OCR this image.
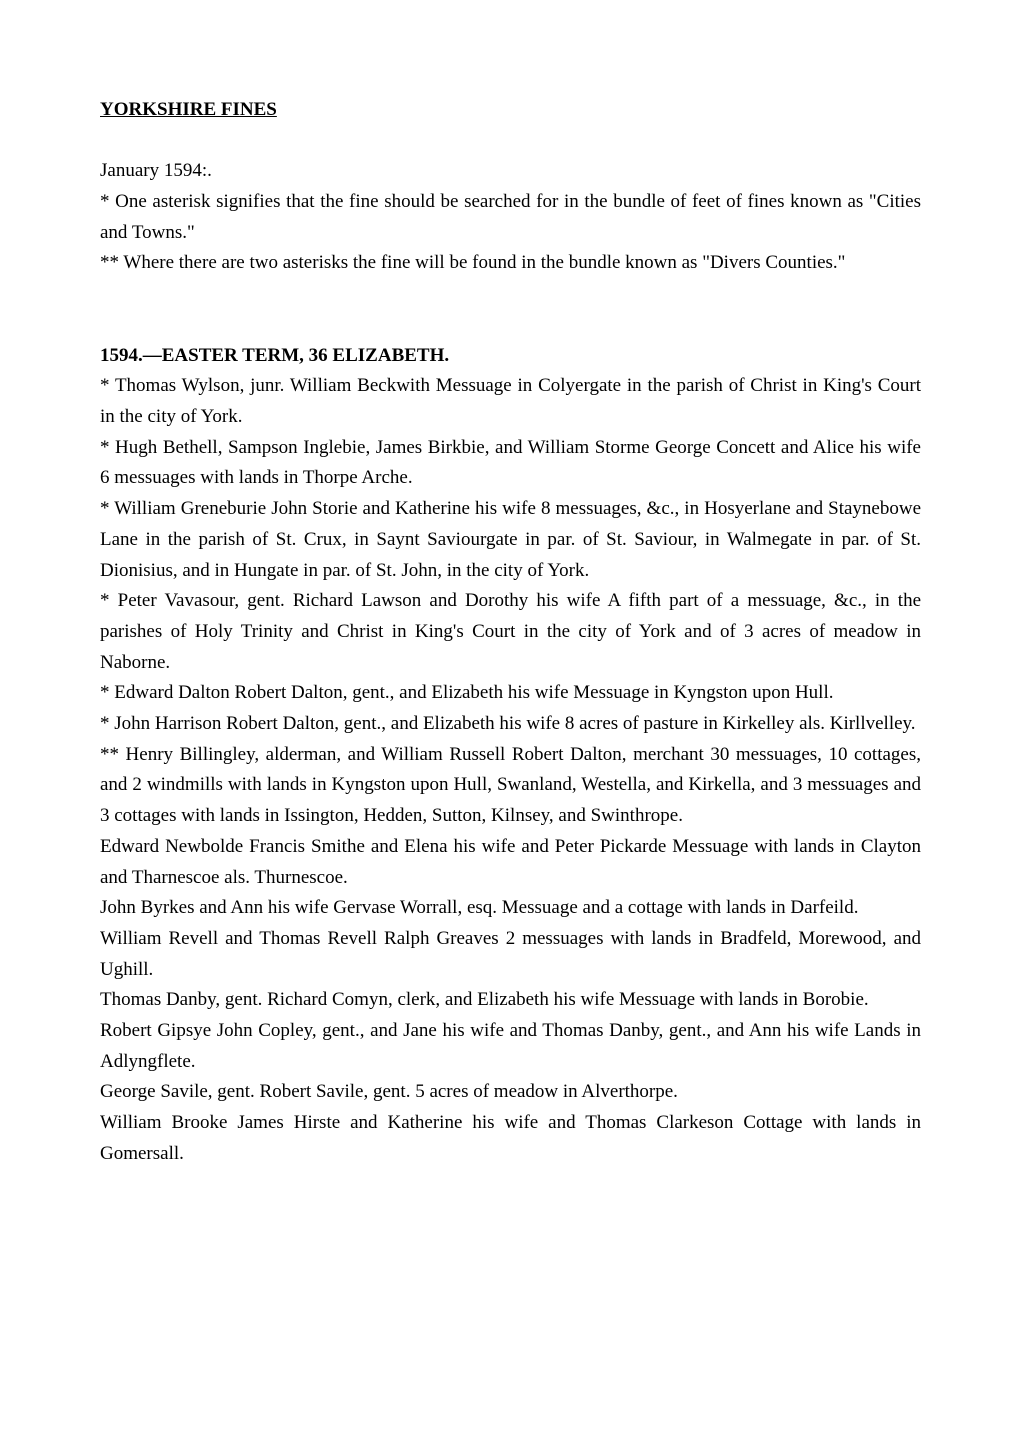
YORKSHIRE FINES

January 1594:.

* One asterisk signifies that the fine should be searched for in the bundle of feet of fines known as "Cities and Towns."

** Where there are two asterisks the fine will be found in the bundle known as "Divers Counties."

1594.—EASTER TERM, 36 ELIZABETH.

* Thomas Wylson, junr. William Beckwith Messuage in Colyergate in the parish of Christ in King's Court in the city of York.

* Hugh Bethell, Sampson Inglebie, James Birkbie, and William Storme George Concett and Alice his wife 6 messuages with lands in Thorpe Arche.

* William Greneburie John Storie and Katherine his wife 8 messuages, &c., in Hosyerlane and Staynebowe Lane in the parish of St. Crux, in Saynt Saviourgate in par. of St. Saviour, in Walmegate in par. of St. Dionisius, and in Hungate in par. of St. John, in the city of York.

* Peter Vavasour, gent. Richard Lawson and Dorothy his wife A fifth part of a messuage, &c., in the parishes of Holy Trinity and Christ in King's Court in the city of York and of 3 acres of meadow in Naborne.

* Edward Dalton Robert Dalton, gent., and Elizabeth his wife Messuage in Kyngston upon Hull.

* John Harrison Robert Dalton, gent., and Elizabeth his wife 8 acres of pasture in Kirkelley als. Kirllvelley.

** Henry Billingley, alderman, and William Russell Robert Dalton, merchant 30 messuages, 10 cottages, and 2 windmills with lands in Kyngston upon Hull, Swanland, Westella, and Kirkella, and 3 messuages and 3 cottages with lands in Issington, Hedden, Sutton, Kilnsey, and Swinthrope.

Edward Newbolde Francis Smithe and Elena his wife and Peter Pickarde Messuage with lands in Clayton and Tharnescoe als. Thurnescoe.

John Byrkes and Ann his wife Gervase Worrall, esq. Messuage and a cottage with lands in Darfeild.

William Revell and Thomas Revell Ralph Greaves 2 messuages with lands in Bradfeld, Morewood, and Ughill.

Thomas Danby, gent. Richard Comyn, clerk, and Elizabeth his wife Messuage with lands in Borobie.

Robert Gipsye John Copley, gent., and Jane his wife and Thomas Danby, gent., and Ann his wife Lands in Adlyngflete.

George Savile, gent. Robert Savile, gent. 5 acres of meadow in Alverthorpe.

William Brooke James Hirste and Katherine his wife and Thomas Clarkeson Cottage with lands in Gomersall.
